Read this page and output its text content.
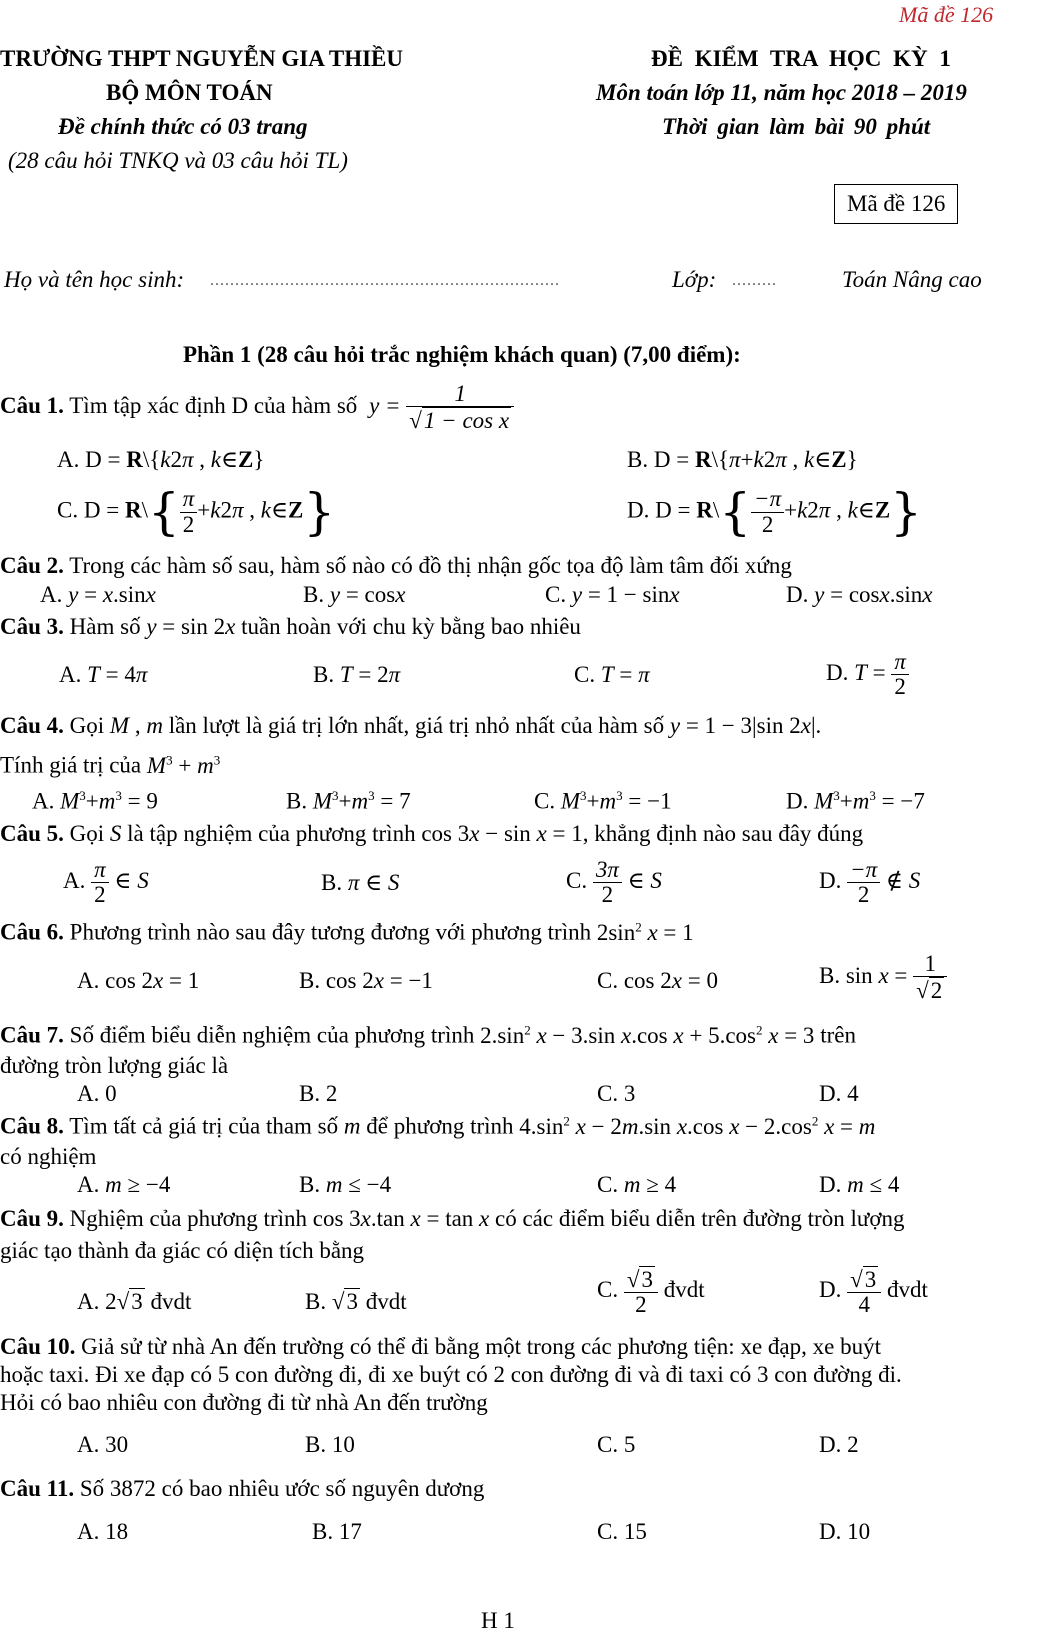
Mã đề 126
TRƯỜNG THPT NGUYỄN GIA THIỀU
BỘ MÔN TOÁN
Đề chính thức có 03 trang
(28 câu hỏi TNKQ và 03 câu hỏi TL)
ĐỀ KIỂM TRA HỌC KỲ 1
Môn toán lớp 11, năm học 2018 – 2019
Thời gian làm bài 90 phút
Mã đề 126
Họ và tên học sinh: ......................................................................	Lớp: .........	Toán Nâng cao
Phần 1 (28 câu hỏi trắc nghiệm khách quan) (7,00 điểm):
Câu 1. Tìm tập xác định D của hàm số $y = \frac{1}{\text{√1 − cos x}}$
A. D = R\{k2π , k∈Z}	B. D = R\{π+k2π , k∈Z}
C. D = R\{ $\frac{\pi}{2} +k2\pi$ , k∈Z}	D. D = R\{ $\frac{-\pi}{2} +k2\pi$ , k∈Z}
Câu 2. Trong các hàm số sau, hàm số nào có đồ thị nhận gốc tọa độ làm tâm đối xứng
A. y = x.sinx	B. y = cosx	C. y = 1 − sinx	D. y = cosx.sinx
Câu 3. Hàm số y = sin 2x tuần hoàn với chu kỳ bằng bao nhiêu
A. T = 4π	B. T = 2π	C. T = π	D. $T = \frac{\pi}{2}$
Câu 4. Gọi M , m lần lượt là giá trị lớn nhất, giá trị nhỏ nhất của hàm số y = 1 − 3|sin 2x|.
Tính giá trị của $M^3 + m^3$
A. $M^3+m^3 = 9$	B. $M^3+m^3 = 7$	C. $M^3+m^3 = -1$	D. $M^3+m^3 = -7$
Câu 5. Gọi S là tập nghiệm của phương trình cos 3x − sin x = 1, khẳng định nào sau đây đúng
A. $\frac{\pi}{2}$ ∈ S	B. π ∈ S	C. $\frac{3\pi}{2}$ ∈ S	D. $\frac{-\pi}{2}$ ∉ S
Câu 6. Phương trình nào sau đây tương đương với phương trình $2\sin^2$ x = 1
A. cos 2x = 1	B. cos 2x = −1	C. cos 2x = 0	B. $\sin x = \frac{1}{√2}$
Câu 7. Số điểm biểu diễn nghiệm của phương trình $2.\sin^2$ x − 3.sin x.cos $x + 5.\cos^2$ x = 3 trên
đường tròn lượng giác là
A. 0	B. 2	C. 3	D. 4
Câu 8. Tìm tất cả giá trị của tham số m để phương trình $4.\sin^2$ x − 2m.sin x.cos $x - 2.\cos^2$ x = m
có nghiệm
A. m ≥ −4	B. m ≤ −4	C. m ≥ 4	D. m ≤ 4
Câu 9. Nghiệm của phương trình cos 3x.tan x = tan x có các điểm biểu diễn trên đường tròn lượng
giác tạo thành đa giác có diện tích bằng
A. 2√3 đvdt	B. √3 đvdt	C. $\frac{√3}{2}$ đvdt	D. $\frac{√3}{4}$ đvdt
Câu 10. Giả sử từ nhà An đến trường có thể đi bằng một trong các phương tiện: xe đạp, xe buýt
hoặc taxi. Đi xe đạp có 5 con đường đi, đi xe buýt có 2 con đường đi và đi taxi có 3 con đường đi.
Hỏi có bao nhiêu con đường đi từ nhà An đến trường
A. 30	B. 10	C. 5	D. 2
Câu 11. Số 3872 có bao nhiêu ước số nguyên dương
A. 18	B. 17	C. 15	D. 10
H 1
